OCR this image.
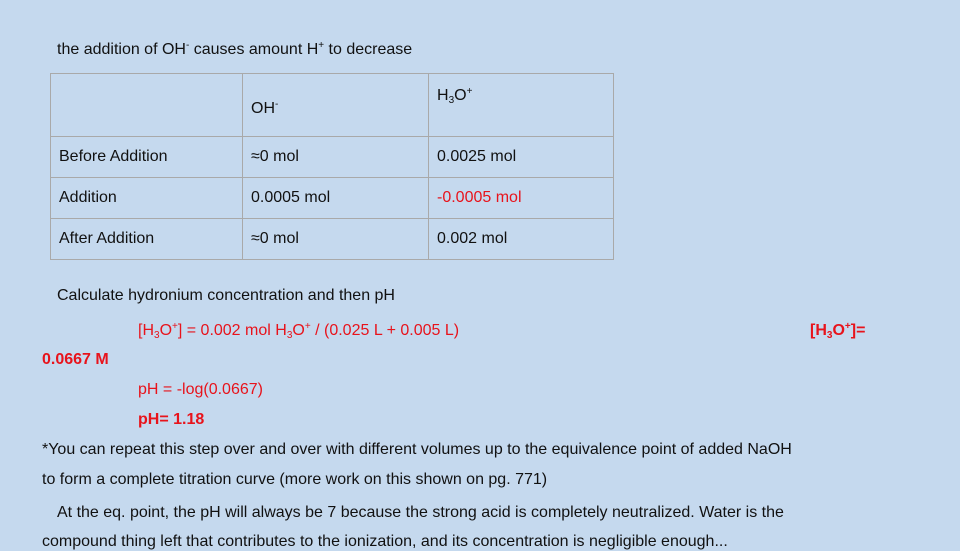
the addition of OH- causes amount H+ to decrease
	OH-	$H_3O^+$
Before Addition	≈0 mol	0.0025 mol
Addition	0.0005 mol	-0.0005 mol
After Addition	≈0 mol	0.002 mol
Calculate hydronium concentration and then pH
$[H_3O^+] = 0.002$ mol $H_3O^+ / (0.025$ L + 0.005 L)	$[H_3O^+]=$
0.0667 M
pH = -log(0.0667)
pH= 1.18
*You can repeat this step over and over with different volumes up to the equivalence point of added NaOH
to form a complete titration curve (more work on this shown on pg. 771)
At the eq. point, the pH will always be 7 because the strong acid is completely neutralized. Water is the
compound thing left that contributes to the ionization, and its concentration is negligible enough...
